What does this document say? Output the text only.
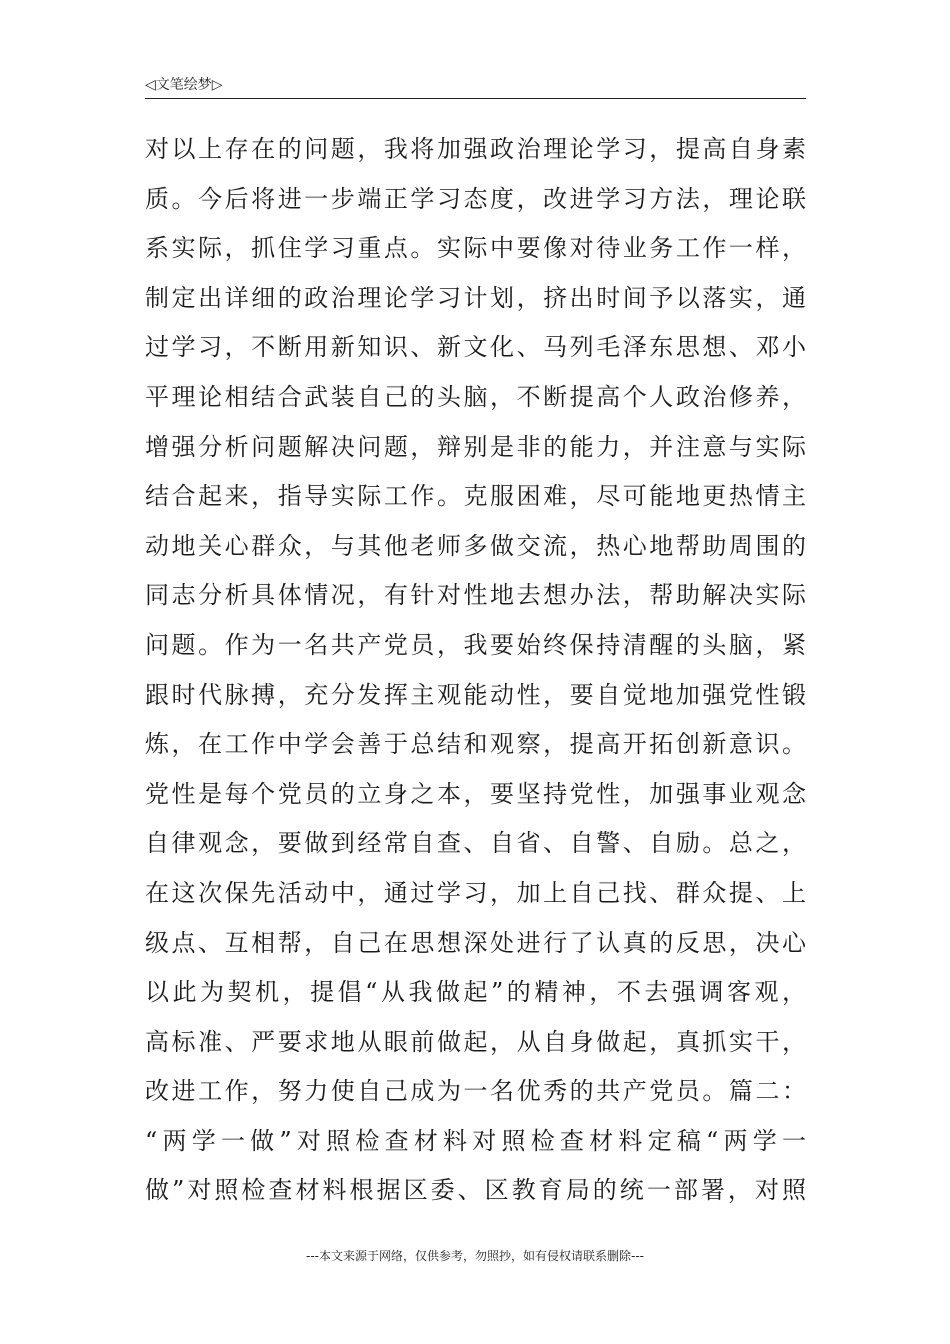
◁文笔绘梦▷
对以上存在的问题，我将加强政治理论学习，提高自身素
质。今后将进一步端正学习态度，改进学习方法，理论联
系实际，抓住学习重点。实际中要像对待业务工作一样，
制定出详细的政治理论学习计划，挤出时间予以落实，通
过学习，不断用新知识、新文化、马列毛泽东思想、邓小
平理论相结合武装自己的头脑，不断提高个人政治修养，
增强分析问题解决问题，辩别是非的能力，并注意与实际
结合起来，指导实际工作。克服困难，尽可能地更热情主
动地关心群众，与其他老师多做交流，热心地帮助周围的
同志分析具体情况，有针对性地去想办法，帮助解决实际
问题。作为一名共产党员，我要始终保持清醒的头脑，紧
跟时代脉搏，充分发挥主观能动性，要自觉地加强党性锻
炼，在工作中学会善于总结和观察，提高开拓创新意识。
党性是每个党员的立身之本，要坚持党性，加强事业观念
自律观念，要做到经常自查、自省、自警、自励。总之，
在这次保先活动中，通过学习，加上自己找、群众提、上
级点、互相帮，自己在思想深处进行了认真的反思，决心
以此为契机，提倡“从我做起”的精神，不去强调客观，
高标准、严要求地从眼前做起，从自身做起，真抓实干，
改进工作，努力使自己成为一名优秀的共产党员。篇二：
“两学一做”对照检查材料对照检查材料定稿“两学一
做”对照检查材料根据区委、区教育局的统一部署，对照
---本文来源于网络，仅供参考，勿照抄，如有侵权请联系删除---
